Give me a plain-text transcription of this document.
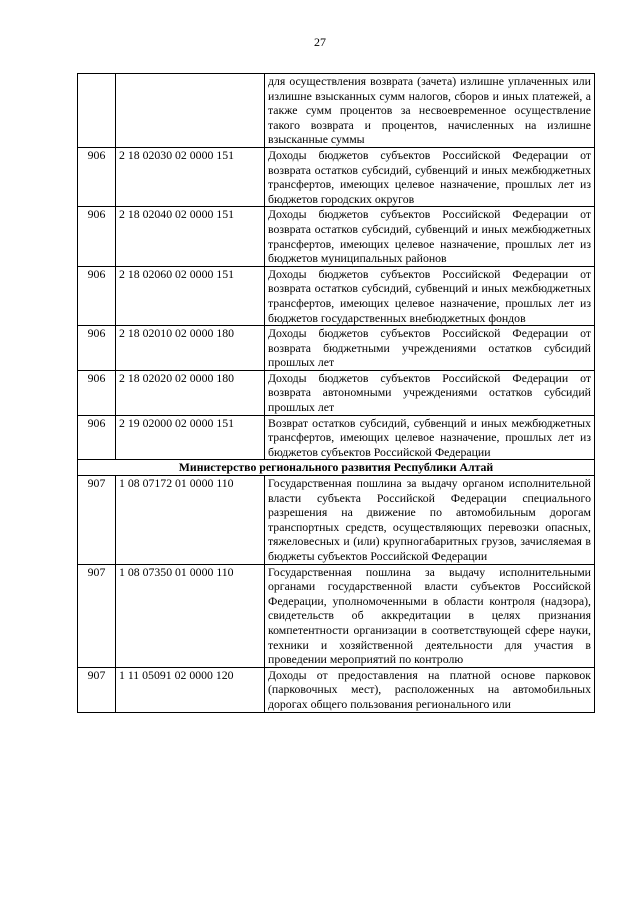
27
		для осуществления возврата (зачета) излишне уплаченных или излишне взысканных сумм налогов, сборов и иных платежей, а также сумм процентов за несвоевременное осуществление такого возврата и процентов, начисленных на излишне взысканные суммы
906	2 18 02030 02 0000 151	Доходы бюджетов субъектов Российской Федерации от возврата остатков субсидий, субвенций и иных межбюджетных трансфертов, имеющих целевое назначение, прошлых лет из бюджетов городских округов
906	2 18 02040 02 0000 151	Доходы бюджетов субъектов Российской Федерации от возврата остатков субсидий, субвенций и иных межбюджетных трансфертов, имеющих целевое назначение, прошлых лет из бюджетов муниципальных районов
906	2 18 02060 02 0000 151	Доходы бюджетов субъектов Российской Федерации от возврата остатков субсидий, субвенций и иных межбюджетных трансфертов, имеющих целевое назначение, прошлых лет из бюджетов государственных внебюджетных фондов
906	2 18 02010 02 0000 180	Доходы бюджетов субъектов Российской Федерации от возврата бюджетными учреждениями остатков субсидий прошлых лет
906	2 18 02020 02 0000 180	Доходы бюджетов субъектов Российской Федерации от возврата автономными учреждениями остатков субсидий прошлых лет
906	2 19 02000 02 0000 151	Возврат остатков субсидий, субвенций и иных межбюджетных трансфертов, имеющих целевое назначение, прошлых лет из бюджетов субъектов Российской Федерации
Министерство регионального развития Республики Алтай		
907	1 08 07172 01 0000 110	Государственная пошлина за выдачу органом исполнительной власти субъекта Российской Федерации специального разрешения на движение по автомобильным дорогам транспортных средств, осуществляющих перевозки опасных, тяжеловесных и (или) крупногабаритных грузов, зачисляемая в бюджеты субъектов Российской Федерации
907	1 08 07350 01 0000 110	Государственная пошлина за выдачу исполнительными органами государственной власти субъектов Российской Федерации, уполномоченными в области контроля (надзора), свидетельств об аккредитации в целях признания компетентности организации в соответствующей сфере науки, техники и хозяйственной деятельности для участия в проведении мероприятий по контролю
907	1 11 05091 02 0000 120	Доходы от предоставления на платной основе парковок (парковочных мест), расположенных на автомобильных дорогах общего пользования регионального или
